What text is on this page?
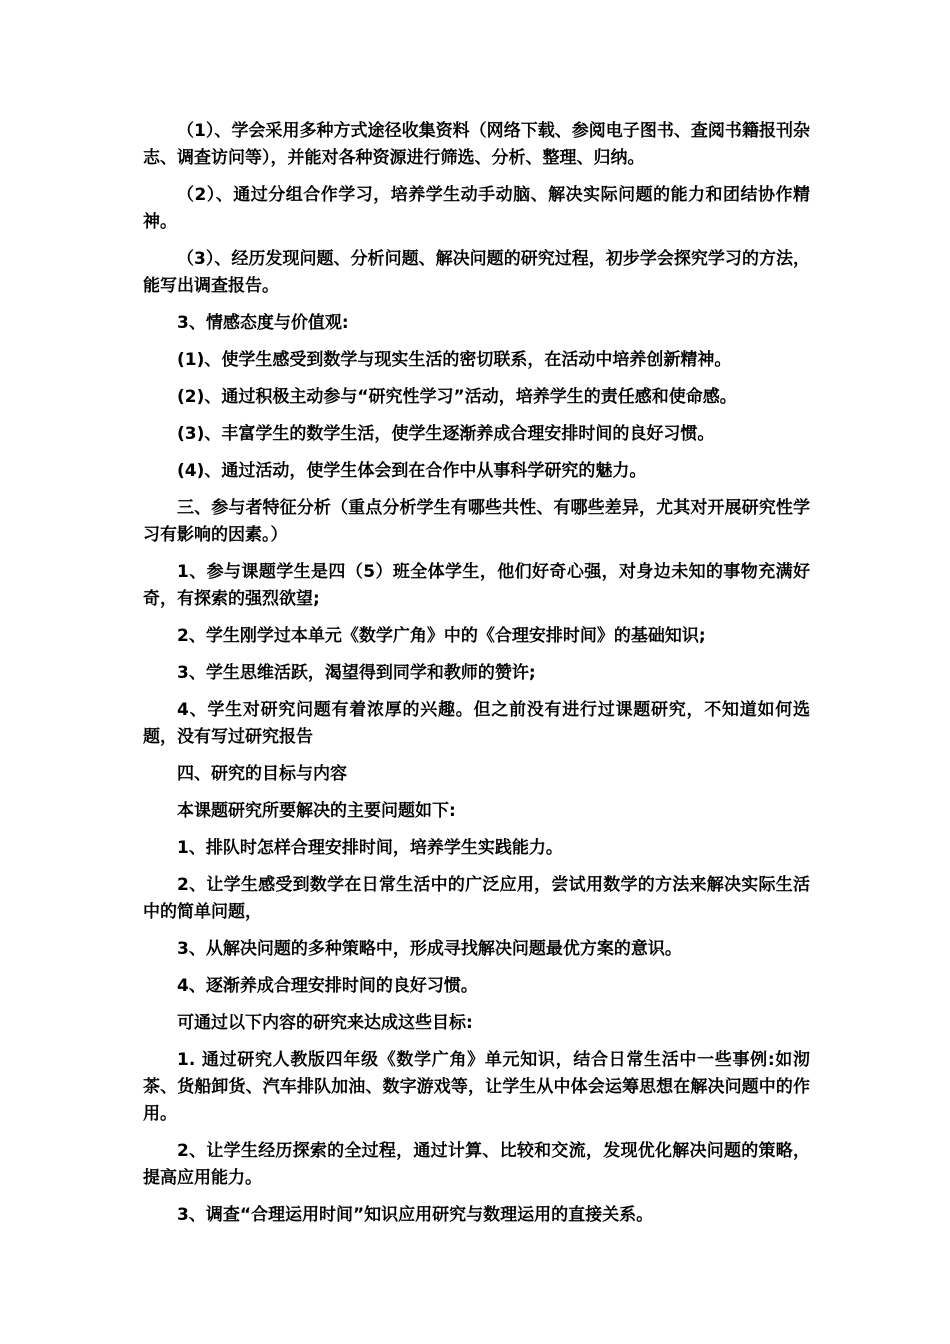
（1）、学会采用多种方式途径收集资料（网络下载、参阅电子图书、查阅书籍报刊杂志、调查访问等），并能对各种资源进行筛选、分析、整理、归纳。

（2）、通过分组合作学习，培养学生动手动脑、解决实际问题的能力和团结协作精神。

（3）、经历发现问题、分析问题、解决问题的研究过程，初步学会探究学习的方法，能写出调查报告。

3、情感态度与价值观:

(1)、使学生感受到数学与现实生活的密切联系，在活动中培养创新精神。

(2)、通过积极主动参与“研究性学习”活动，培养学生的责任感和使命感。

(3)、丰富学生的数学生活，使学生逐渐养成合理安排时间的良好习惯。

(4)、通过活动，使学生体会到在合作中从事科学研究的魅力。

三、参与者特征分析（重点分析学生有哪些共性、有哪些差异，尤其对开展研究性学习有影响的因素。）

1、参与课题学生是四（5）班全体学生，他们好奇心强，对身边未知的事物充满好奇，有探索的强烈欲望;

2、学生刚学过本单元《数学广角》中的《合理安排时间》的基础知识;

3、学生思维活跃，渴望得到同学和教师的赞许;

4、学生对研究问题有着浓厚的兴趣。但之前没有进行过课题研究，不知道如何选题，没有写过研究报告

四、研究的目标与内容

本课题研究所要解决的主要问题如下:

1、排队时怎样合理安排时间，培养学生实践能力。

2、让学生感受到数学在日常生活中的广泛应用，尝试用数学的方法来解决实际生活中的简单问题，

3、从解决问题的多种策略中，形成寻找解决问题最优方案的意识。

4、逐渐养成合理安排时间的良好习惯。

可通过以下内容的研究来达成这些目标:

1. 通过研究人教版四年级《数学广角》单元知识，结合日常生活中一些事例:如沏茶、货船卸货、汽车排队加油、数字游戏等，让学生从中体会运筹思想在解决问题中的作用。

2、让学生经历探索的全过程，通过计算、比较和交流，发现优化解决问题的策略，提高应用能力。

3、调查“合理运用时间”知识应用研究与数理运用的直接关系。
